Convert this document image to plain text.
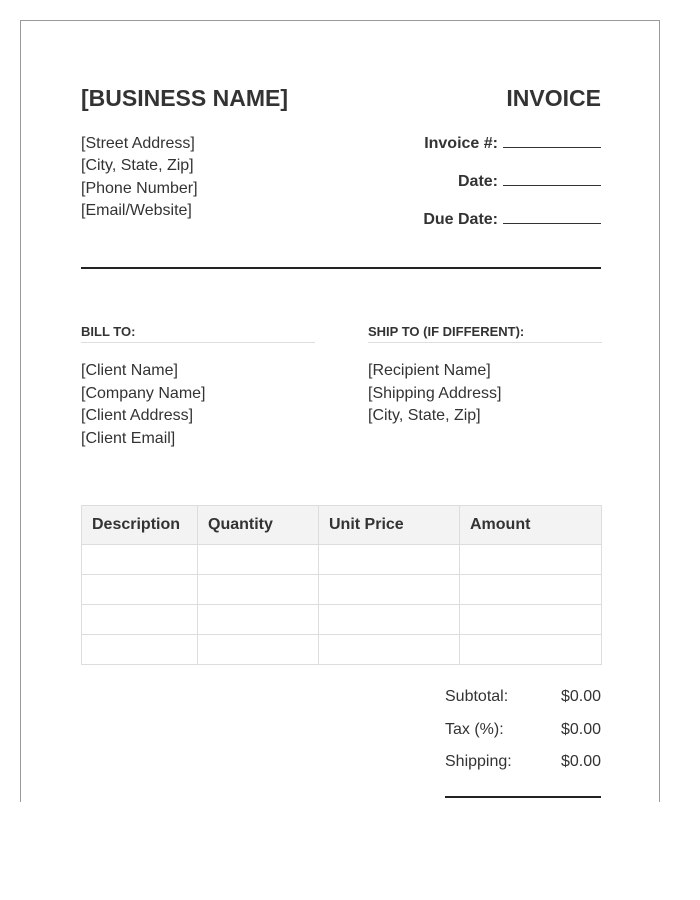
[BUSINESS NAME]	INVOICE
[Street Address]
[City, State, Zip]
[Phone Number]
[Email/Website]
Invoice #:
Date:
Due Date:
BILL TO:
[Client Name]
[Company Name]
[Client Address]
[Client Email]
SHIP TO (IF DIFFERENT):
[Recipient Name]
[Shipping Address]
[City, State, Zip]
Description	Quantity	Unit Price	Amount

Subtotal:	$0.00
Tax (%):	$0.00
Shipping:	$0.00
